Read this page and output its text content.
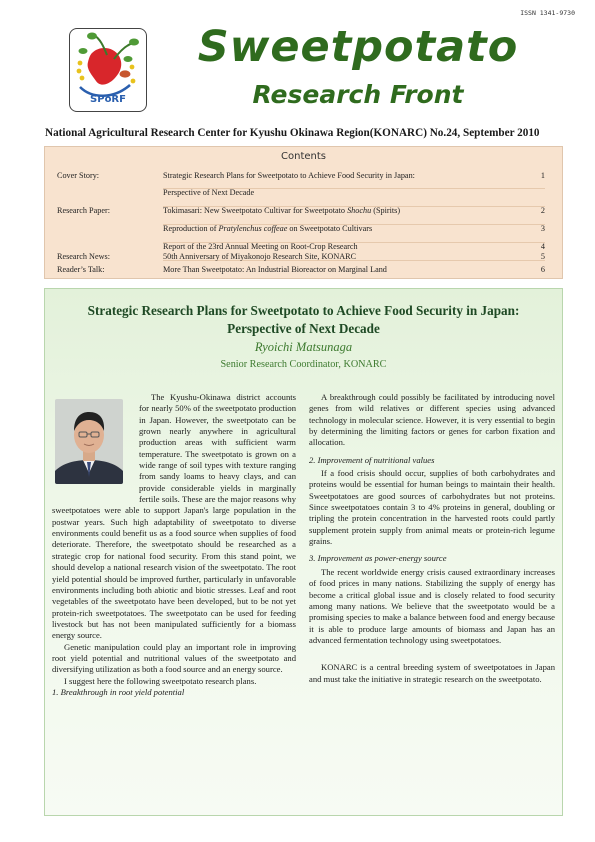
ISSN 1341-9730
SPoRF
Sweetpotato
Research Front
National Agricultural Research Center for Kyushu Okinawa Region(KONARC) No.24, September 2010
Contents
Cover Story:	Strategic Research Plans for Sweetpotato to Achieve Food Security in Japan:	1
Perspective of Next Decade
Research Paper:	Tokimasari: New Sweetpotato Cultivar for Sweetpotato Shochu (Spirits)	2
Reproduction of Pratylenchus coffeae on Sweetpotato Cultivars	3
Report of the 23rd Annual Meeting on Root-Crop Research	4
Research News:	50th Anniversary of Miyakonojo Research Site, KONARC	5
Reader’s Talk:	More Than Sweetpotato: An Industrial Bioreactor on Marginal Land	6
Strategic Research Plans for Sweetpotato to Achieve Food Security in Japan:
Perspective of Next Decade
Ryoichi Matsunaga
Senior Research Coordinator, KONARC

The Kyushu-Okinawa district accounts for nearly 50% of the sweetpotato production in Japan. However, the sweetpotato can be grown nearly anywhere in agricultural production areas with sufficient warm temperature. The sweetpotato is grown on a wide range of soil types with texture ranging from sandy loams to heavy clays, and can provide considerable yields in marginally fertile soils. These are the major reasons why sweetpotatoes were able to support Japan's large population in the postwar years. Such high adaptability of sweetpotato to diverse environments could benefit us as a food source when supplies of food deteriorate. Therefore, the sweetpotato should be researched as a strategic crop for national food security. From this stand point, we should develop a national research vision of the sweetpotato. The root yield potential should be improved further, particularly in unfavorable environments including both abiotic and biotic stresses. Leaf and root vegetables of the sweetpotato have been developed, but to be not yet protein-rich sweetpotatoes. The sweetpotato can be used for feeding livestock but has not been manipulated sufficiently for a biomass energy source.

Genetic manipulation could play an important role in improving root yield potential and nutritional values of the sweetpotato and diversifying utilization as both a food source and an energy source.

I suggest here the following sweetpotato research plans.

1. Breakthrough in root yield potential

A breakthrough could possibly be facilitated by introducing novel genes from wild relatives or different species using advanced technology in molecular science. However, it is very essential to begin by determining the limiting factors or genes for carbon fixation and allocation.

2. Improvement of nutritional values

If a food crisis should occur, supplies of both carbohydrates and proteins would be essential for human beings to maintain their health. Sweetpotatoes are good sources of carbohydrates but not proteins. Since sweetpotatoes contain 3 to 4% proteins in general, doubling or tripling the protein concentration in the harvested roots could partly supplement protein supply from animal meats or protein-rich legume grains.

3. Improvement as power-energy source

The recent worldwide energy crisis caused extraordinary increases of food prices in many nations. Stabilizing the supply of energy has become a critical global issue and is closely related to food security among many nations. We believe that the sweetpotato would be a promising species to make a balance between food and energy because it is able to produce large amounts of biomass and Japan has an advanced fermentation technology using sweetpotatoes.

KONARC is a central breeding system of sweetpotatoes in Japan and must take the initiative in strategic research on the sweetpotato.
